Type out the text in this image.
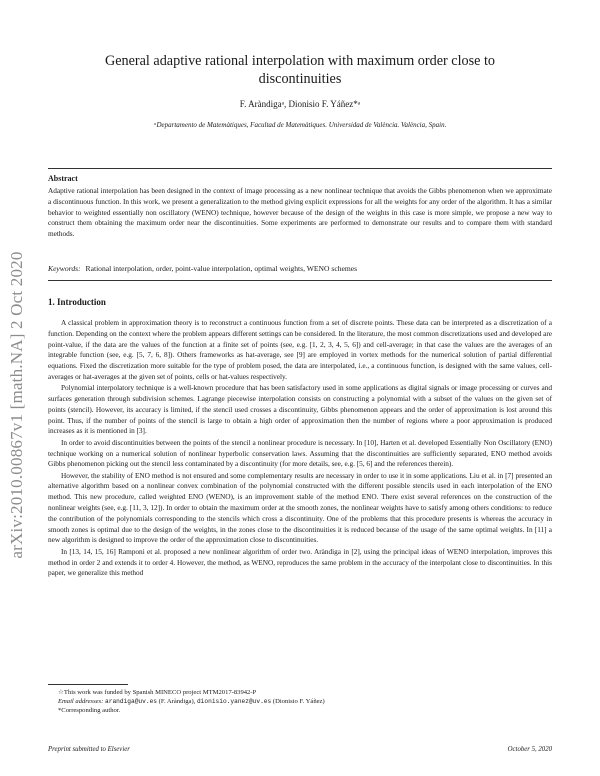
arXiv:2010.00867v1 [math.NA] 2 Oct 2020
General adaptive rational interpolation with maximum order close to
discontinuities

F. Aràndigaᵃ, Dionisio F. Yáñez*ᵃ

ᵃDepartamento de Matemàtiques, Facultad de Matemàtiques. Universidad de València. València, Spain.

Abstract

Adaptive rational interpolation has been designed in the context of image processing as a new nonlinear technique that avoids the Gibbs phenomenon when we approximate a discontinuous function. In this work, we present a generalization to the method giving explicit expressions for all the weights for any order of the algorithm. It has a similar behavior to weighted essentially non oscillatory (WENO) technique, however because of the design of the weights in this case is more simple, we propose a new way to construct them obtaining the maximum order near the discontinuities. Some experiments are performed to demonstrate our results and to compare them with standard methods.

Keywords: Rational interpolation, order, point-value interpolation, optimal weights, WENO schemes

1. Introduction

A classical problem in approximation theory is to reconstruct a continuous function from a set of discrete points. These data can be interpreted as a discretization of a function. Depending on the context where the problem appears different settings can be considered. In the literature, the most common discretizations used and developed are point-value, if the data are the values of the function at a finite set of points (see, e.g. [1, 2, 3, 4, 5, 6]) and cell-average; in that case the values are the averages of an integrable function (see, e.g. [5, 7, 6, 8]). Others frameworks as hat-average, see [9] are employed in vortex methods for the numerical solution of partial differential equations. Fixed the discretization more suitable for the type of problem posed, the data are interpolated, i.e., a continuous function, is designed with the same values, cell-averages or hat-averages at the given set of points, cells or hat-values respectively.

Polynomial interpolatory technique is a well-known procedure that has been satisfactory used in some applications as digital signals or image processing or curves and surfaces generation through subdivision schemes. Lagrange piecewise interpolation consists on constructing a polynomial with a subset of the values on the given set of points (stencil). However, its accuracy is limited, if the stencil used crosses a discontinuity, Gibbs phenomenon appears and the order of approximation is lost around this point. Thus, if the number of points of the stencil is large to obtain a high order of approximation then the number of regions where a poor approximation is produced increases as it is mentioned in [3].

In order to avoid discontinuities between the points of the stencil a nonlinear procedure is necessary. In [10], Harten et al. developed Essentially Non Oscillatory (ENO) technique working on a numerical solution of nonlinear hyperbolic conservation laws. Assuming that the discontinuities are sufficiently separated, ENO method avoids Gibbs phenomenon picking out the stencil less contaminated by a discontinuity (for more details, see, e.g. [5, 6] and the references therein).

However, the stability of ENO method is not ensured and some complementary results are necessary in order to use it in some applications. Liu et al. in [7] presented an alternative algorithm based on a nonlinear convex combination of the polynomial constructed with the different possible stencils used in each interpolation of the ENO method. This new procedure, called weighted ENO (WENO), is an improvement stable of the method ENO. There exist several references on the construction of the nonlinear weights (see, e.g. [11, 3, 12]). In order to obtain the maximum order at the smooth zones, the nonlinear weights have to satisfy among others conditions: to reduce the contribution of the polynomials corresponding to the stencils which cross a discontinuity. One of the problems that this procedure presents is whereas the accuracy in smooth zones is optimal due to the design of the weights, in the zones close to the discontinuities it is reduced because of the usage of the same optimal weights. In [11] a new algorithm is designed to improve the order of the approximation close to discontinuities.

In [13, 14, 15, 16] Ramponi et al. proposed a new nonlinear algorithm of order two. Aràndiga in [2], using the principal ideas of WENO interpolation, improves this method in order 2 and extends it to order 4. However, the method, as WENO, reproduces the same problem in the accuracy of the interpolant close to discontinuities. In this paper, we generalize this method

☆This work was funded by Spanish MINECO project MTM2017-83942-P
Email addresses: arandiga@uv.es (F. Aràndiga), dionisio.yanez@uv.es (Dionisio F. Yáñez)
*Corresponding author.

Preprint submitted to Elsevier	October 5, 2020
